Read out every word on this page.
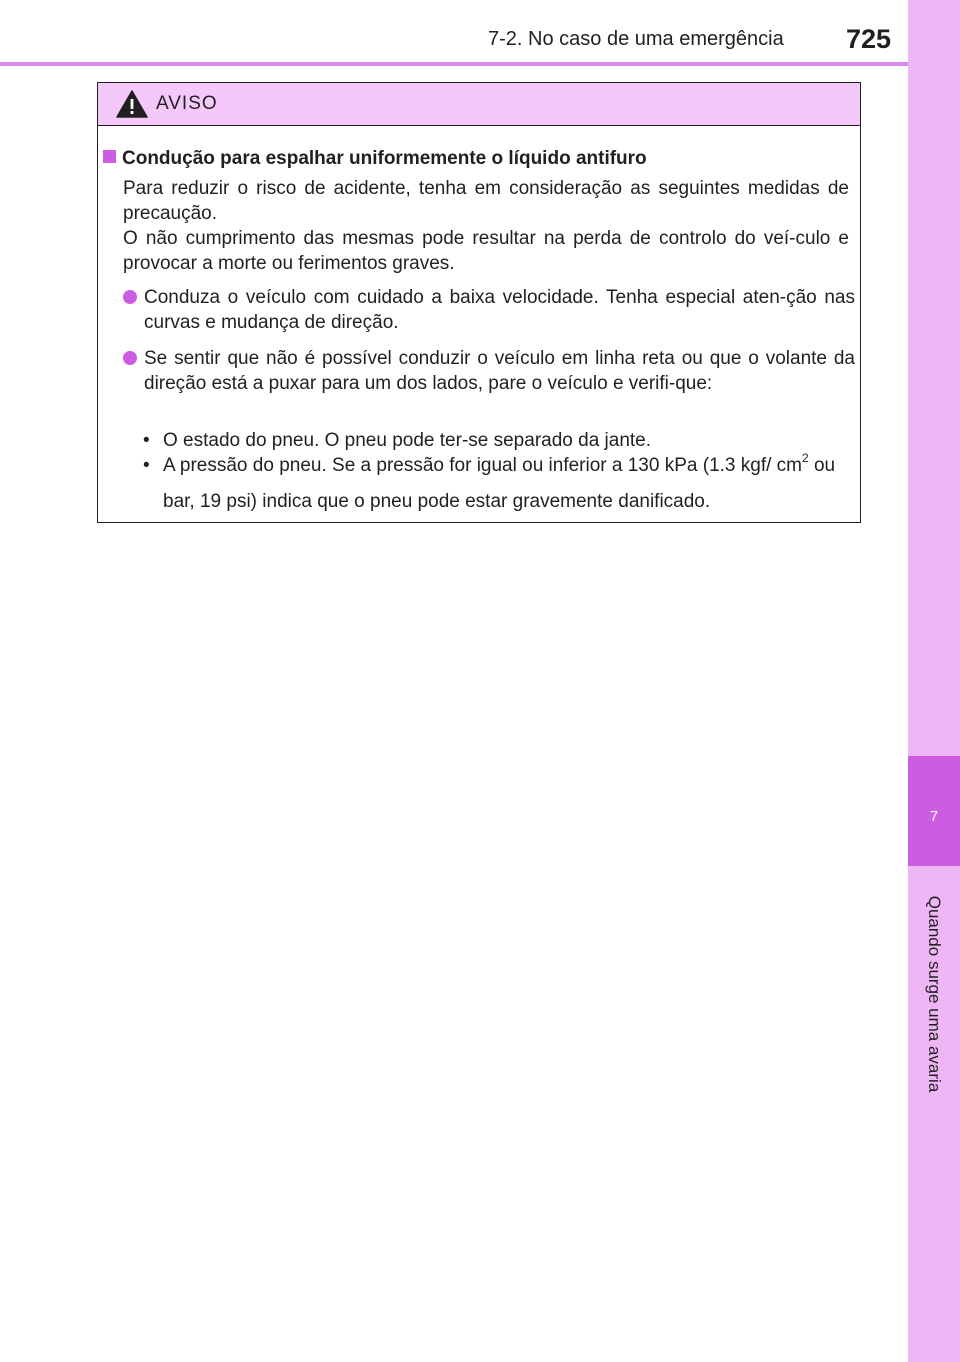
7
Quando surge uma avaria
7-2. No caso de uma emergência 725
AVISO
Condução para espalhar uniformemente o líquido antifuro
Para reduzir o risco de acidente, tenha em consideração as seguintes medidas de precaução.
O não cumprimento das mesmas pode resultar na perda de controlo do veí-culo e provocar a morte ou ferimentos graves.
Conduza o veículo com cuidado a baixa velocidade. Tenha especial aten-ção nas curvas e mudança de direção.
Se sentir que não é possível conduzir o veículo em linha reta ou que o volante da direção está a puxar para um dos lados, pare o veículo e verifi-que:
• O estado do pneu. O pneu pode ter-se separado da jante.
• A pressão do pneu. Se a pressão for igual ou inferior a 130 kPa (1.3 kgf/ $cm^2$ ou bar, 19 psi) indica que o pneu pode estar gravemente danificado.
